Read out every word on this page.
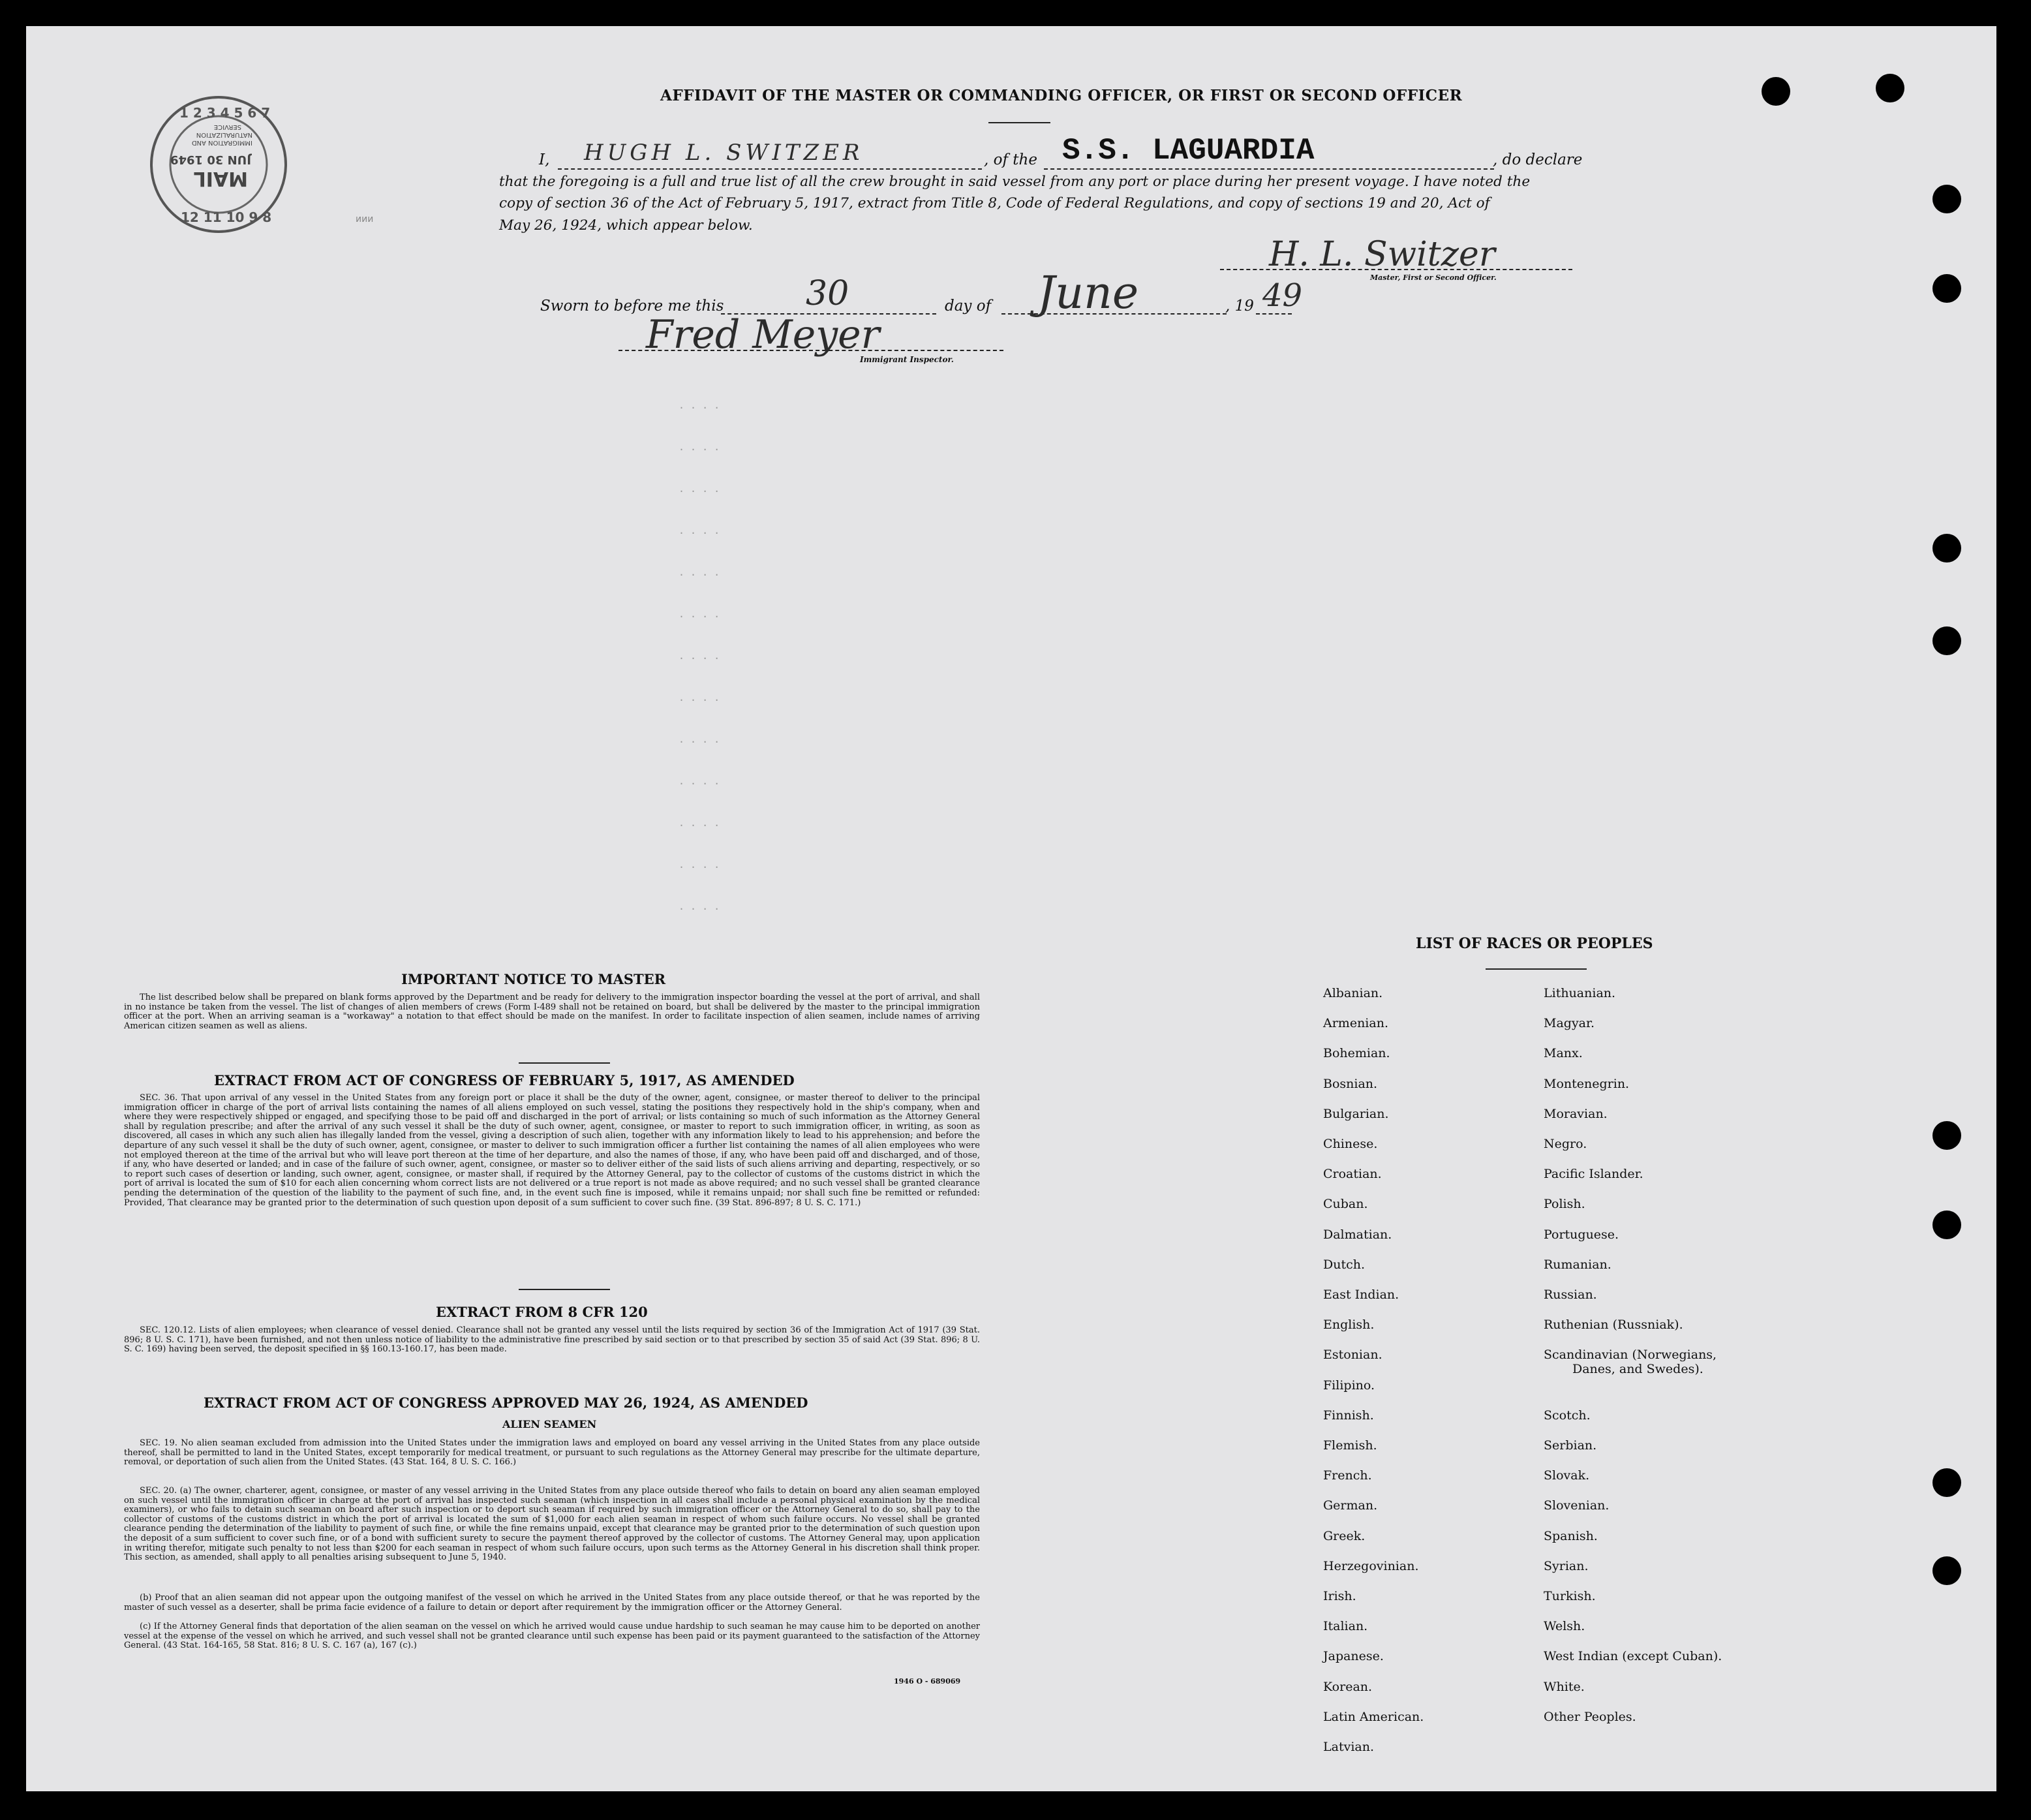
1 2 3 4 5 6 7
12 11 10 9 8
MAIL
JUN 30 1949
IMMIGRATION AND
NATURALIZATION
SERVICE
ᴎᴎᴎ
AFFIDAVIT OF THE MASTER OR COMMANDING OFFICER, OR FIRST OR SECOND OFFICER
I, HUGH L. SWITZER	, of the S.S. LAGUARDIA	, do declare
that the foregoing is a full and true list of all the crew brought in said vessel from any port or place during her present voyage. I have noted the
copy of section 36 of the Act of February 5, 1917, extract from Title 8, Code of Federal Regulations, and copy of sections 19 and 20, Act of
May 26, 1924, which appear below.
H. L. Switzer
Master, First or Second Officer.
Sworn to before me this 30	day of June	, 19 49
Fred Meyer
Immigrant Inspector.
· · · ·
· · · ·
· · · ·
· · · ·
· · · ·
· · · ·
· · · ·
· · · ·
· · · ·
· · · ·
· · · ·
· · · ·
· · · ·
IMPORTANT NOTICE TO MASTER
The list described below shall be prepared on blank forms approved by the Department and be ready for delivery to the immigration inspector boarding the vessel at the port of arrival, and shall in no instance be taken from the vessel. The list of changes of alien members of crews (Form I-489 shall not be retained on board, but shall be delivered by the master to the principal immigration officer at the port. When an arriving seaman is a "workaway" a notation to that effect should be made on the manifest. In order to facilitate inspection of alien seamen, include names of arriving American citizen seamen as well as aliens.
EXTRACT FROM ACT OF CONGRESS OF FEBRUARY 5, 1917, AS AMENDED
SEC. 36. That upon arrival of any vessel in the United States from any foreign port or place it shall be the duty of the owner, agent, consignee, or master thereof to deliver to the principal immigration officer in charge of the port of arrival lists containing the names of all aliens employed on such vessel, stating the positions they respectively hold in the ship's company, when and where they were respectively shipped or engaged, and specifying those to be paid off and discharged in the port of arrival; or lists containing so much of such information as the Attorney General shall by regulation prescribe; and after the arrival of any such vessel it shall be the duty of such owner, agent, consignee, or master to report to such immigration officer, in writing, as soon as discovered, all cases in which any such alien has illegally landed from the vessel, giving a description of such alien, together with any information likely to lead to his apprehension; and before the departure of any such vessel it shall be the duty of such owner, agent, consignee, or master to deliver to such immigration officer a further list containing the names of all alien employees who were not employed thereon at the time of the arrival but who will leave port thereon at the time of her departure, and also the names of those, if any, who have been paid off and discharged, and of those, if any, who have deserted or landed; and in case of the failure of such owner, agent, consignee, or master so to deliver either of the said lists of such aliens arriving and departing, respectively, or so to report such cases of desertion or landing, such owner, agent, consignee, or master shall, if required by the Attorney General, pay to the collector of customs of the customs district in which the port of arrival is located the sum of $10 for each alien concerning whom correct lists are not delivered or a true report is not made as above required; and no such vessel shall be granted clearance pending the determination of the question of the liability to the payment of such fine, and, in the event such fine is imposed, while it remains unpaid; nor shall such fine be remitted or refunded: Provided, That clearance may be granted prior to the determination of such question upon deposit of a sum sufficient to cover such fine. (39 Stat. 896-897; 8 U. S. C. 171.)
EXTRACT FROM 8 CFR 120
SEC. 120.12. Lists of alien employees; when clearance of vessel denied. Clearance shall not be granted any vessel until the lists required by section 36 of the Immigration Act of 1917 (39 Stat. 896; 8 U. S. C. 171), have been furnished, and not then unless notice of liability to the administrative fine prescribed by said section or to that prescribed by section 35 of said Act (39 Stat. 896; 8 U. S. C. 169) having been served, the deposit specified in §§ 160.13-160.17, has been made.
EXTRACT FROM ACT OF CONGRESS APPROVED MAY 26, 1924, AS AMENDED
ALIEN SEAMEN
SEC. 19. No alien seaman excluded from admission into the United States under the immigration laws and employed on board any vessel arriving in the United States from any place outside thereof, shall be permitted to land in the United States, except temporarily for medical treatment, or pursuant to such regulations as the Attorney General may prescribe for the ultimate departure, removal, or deportation of such alien from the United States. (43 Stat. 164, 8 U. S. C. 166.)
SEC. 20. (a) The owner, charterer, agent, consignee, or master of any vessel arriving in the United States from any place outside thereof who fails to detain on board any alien seaman employed on such vessel until the immigration officer in charge at the port of arrival has inspected such seaman (which inspection in all cases shall include a personal physical examination by the medical examiners), or who fails to detain such seaman on board after such inspection or to deport such seaman if required by such immigration officer or the Attorney General to do so, shall pay to the collector of customs of the customs district in which the port of arrival is located the sum of $1,000 for each alien seaman in respect of whom such failure occurs. No vessel shall be granted clearance pending the determination of the liability to payment of such fine, or while the fine remains unpaid, except that clearance may be granted prior to the determination of such question upon the deposit of a sum sufficient to cover such fine, or of a bond with sufficient surety to secure the payment thereof approved by the collector of customs. The Attorney General may, upon application in writing therefor, mitigate such penalty to not less than $200 for each seaman in respect of whom such failure occurs, upon such terms as the Attorney General in his discretion shall think proper. This section, as amended, shall apply to all penalties arising subsequent to June 5, 1940.
(b) Proof that an alien seaman did not appear upon the outgoing manifest of the vessel on which he arrived in the United States from any place outside thereof, or that he was reported by the master of such vessel as a deserter, shall be prima facie evidence of a failure to detain or deport after requirement by the immigration officer or the Attorney General.
(c) If the Attorney General finds that deportation of the alien seaman on the vessel on which he arrived would cause undue hardship to such seaman he may cause him to be deported on another vessel at the expense of the vessel on which he arrived, and such vessel shall not be granted clearance until such expense has been paid or its payment guaranteed to the satisfaction of the Attorney General. (43 Stat. 164-165, 58 Stat. 816; 8 U. S. C. 167 (a), 167 (c).)
1946 O - 689069
LIST OF RACES OR PEOPLES
Albanian.
Armenian.
Bohemian.
Bosnian.
Bulgarian.
Chinese.
Croatian.
Cuban.
Dalmatian.
Dutch.
East Indian.
English.
Estonian.
Filipino.
Finnish.
Flemish.
French.
German.
Greek.
Herzegovinian.
Irish.
Italian.
Japanese.
Korean.
Latin American.
Latvian.
Lithuanian.
Magyar.
Manx.
Montenegrin.
Moravian.
Negro.
Pacific Islander.
Polish.
Portuguese.
Rumanian.
Russian.
Ruthenian (Russniak).
Scandinavian (Norwegians,
Danes, and Swedes).
Scotch.
Serbian.
Slovak.
Slovenian.
Spanish.
Syrian.
Turkish.
Welsh.
West Indian (except Cuban).
White.
Other Peoples.
